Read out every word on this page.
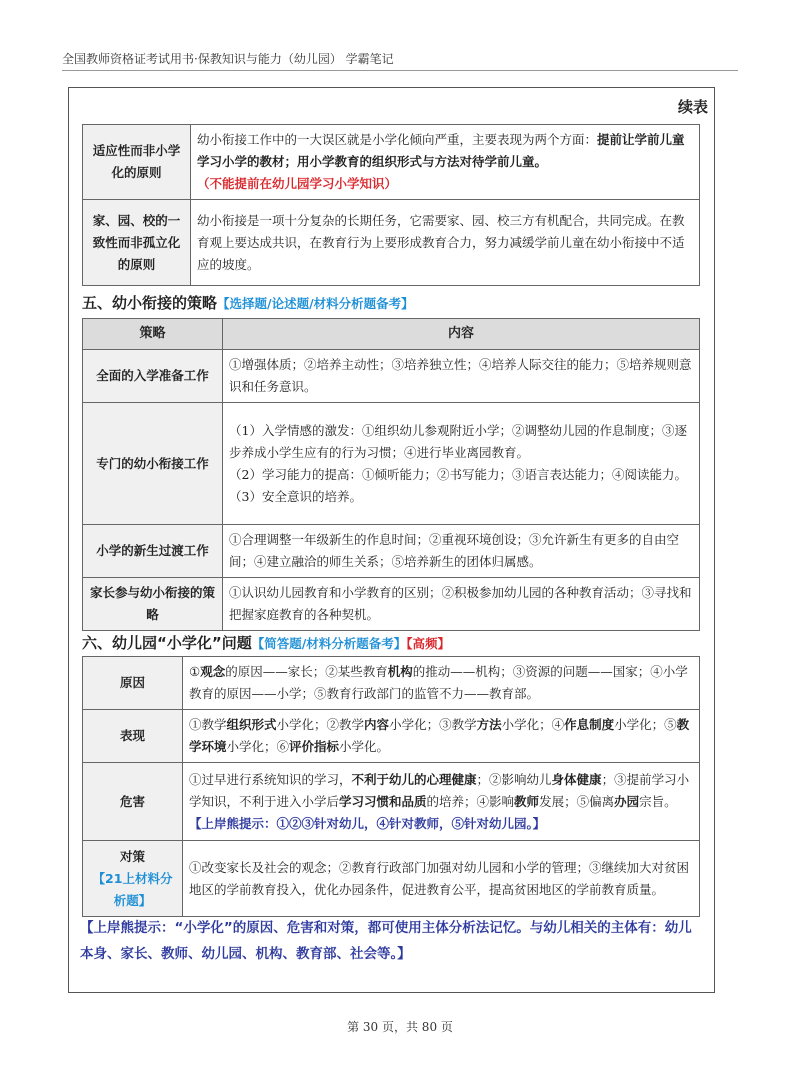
全国教师资格证考试用书·保教知识与能力（幼儿园） 学霸笔记
续表
适应性而非小学化的原则	幼小衔接工作中的一大误区就是小学化倾向严重，主要表现为两个方面：提前让学前儿童学习小学的教材；用小学教育的组织形式与方法对待学前儿童。
（不能提前在幼儿园学习小学知识）
家、园、校的一致性而非孤立化的原则	幼小衔接是一项十分复杂的长期任务，它需要家、园、校三方有机配合，共同完成。在教育观上要达成共识，在教育行为上要形成教育合力，努力减缓学前儿童在幼小衔接中不适应的坡度。
五、幼小衔接的策略【选择题/论述题/材料分析题备考】
策略	内容
全面的入学准备工作	①增强体质；②培养主动性；③培养独立性；④培养人际交往的能力；⑤培养规则意识和任务意识。
专门的幼小衔接工作	（1）入学情感的激发：①组织幼儿参观附近小学；②调整幼儿园的作息制度；③逐步养成小学生应有的行为习惯；④进行毕业离园教育。
（2）学习能力的提高：①倾听能力；②书写能力；③语言表达能力；④阅读能力。
（3）安全意识的培养。

小学的新生过渡工作	①合理调整一年级新生的作息时间；②重视环境创设；③允许新生有更多的自由空间；④建立融洽的师生关系；⑤培养新生的团体归属感。
家长参与幼小衔接的策略	①认识幼儿园教育和小学教育的区别；②积极参加幼儿园的各种教育活动；③寻找和把握家庭教育的各种契机。
六、幼儿园“小学化”问题【简答题/材料分析题备考】【高频】
原因	①观念的原因——家长；②某些教育机构的推动——机构；③资源的问题——国家；④小学教育的原因——小学；⑤教育行政部门的监管不力——教育部。
表现	①教学组织形式小学化；②教学内容小学化；③教学方法小学化；④作息制度小学化；⑤教学环境小学化；⑥评价指标小学化。
危害	①过早进行系统知识的学习，不利于幼儿的心理健康；②影响幼儿身体健康；③提前学习小学知识，不利于进入小学后学习习惯和品质的培养；④影响教师发展；⑤偏离办园宗旨。【上岸熊提示：①②③针对幼儿，④针对教师，⑤针对幼儿园。】

对策
【21上材料分析题】	①改变家长及社会的观念；②教育行政部门加强对幼儿园和小学的管理；③继续加大对贫困地区的学前教育投入，优化办园条件，促进教育公平，提高贫困地区的学前教育质量。
【上岸熊提示：“小学化”的原因、危害和对策，都可使用主体分析法记忆。与幼儿相关的主体有：幼儿本身、家长、教师、幼儿园、机构、教育部、社会等。】
第 30 页，共 80 页
